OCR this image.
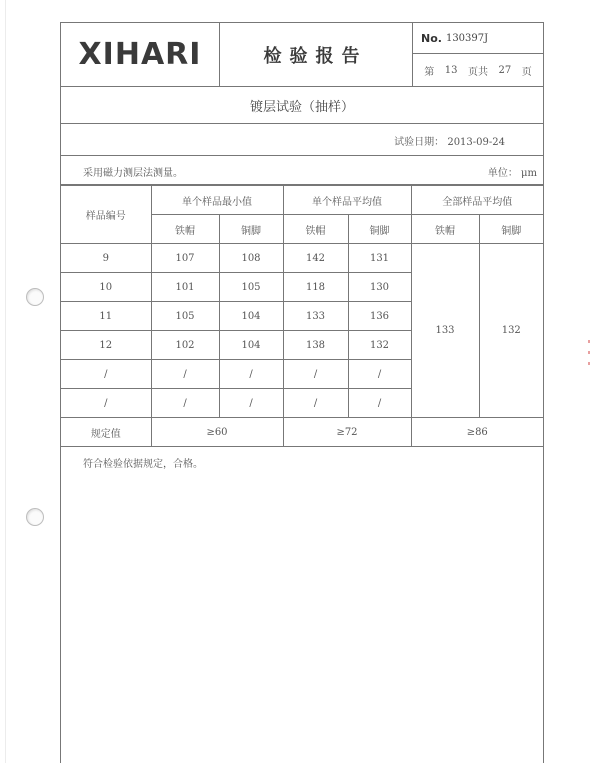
XIHARI	检验报告
No. 130397J
第 13 页共 27 页
镀层试验（抽样）
试验日期： 2013-09-24
采用磁力测层法测量。	单位： μm
样品编号	单个样品最小值		单个样品平均值		全部样品平均值	
	铁帽	铜脚	铁帽	铜脚	铁帽	铜脚
9	107	108	142	131	133	132
10	101	105	118	130		
11	105	104	133	136		
12	102	104	138	132		
/	/	/	/	/		
/	/	/	/	/		
规定值	≥60		≥72		≥86	
符合检验依据规定，合格。
